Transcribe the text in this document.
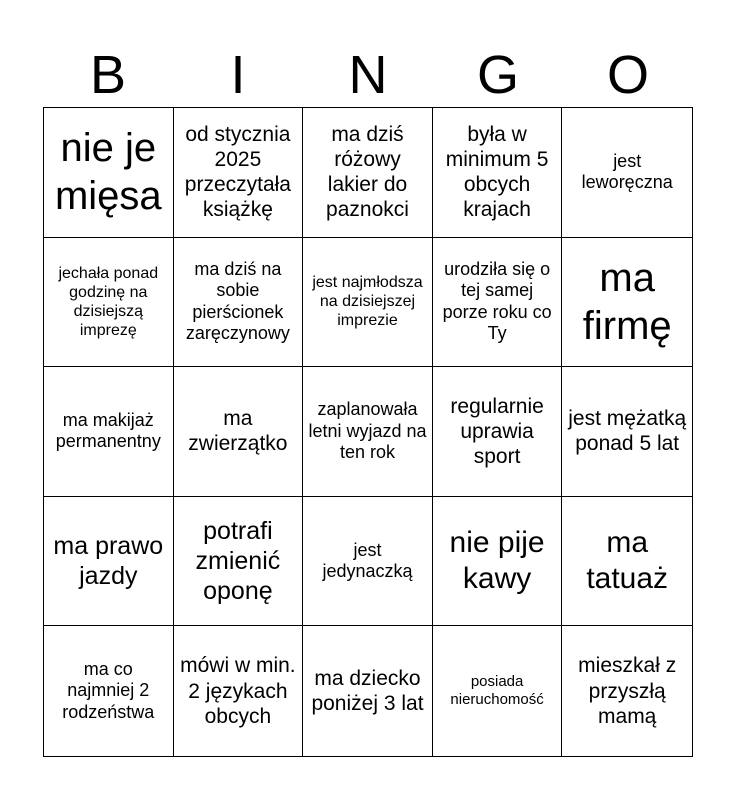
B	I	N	G	O
nie je mięsa
od stycznia 2025 przeczytała książkę
ma dziś różowy lakier do paznokci
była w minimum 5 obcych krajach
jest leworęczna
jechała ponad godzinę na dzisiejszą imprezę
ma dziś na sobie pierścionek zaręczynowy
jest najmłodsza na dzisiejszej imprezie
urodziła się o tej samej porze roku co Ty
ma firmę
ma makijaż permanentny
ma zwierzątko
zaplanowała letni wyjazd na ten rok
regularnie uprawia sport
jest mężatką ponad 5 lat
ma prawo jazdy
potrafi zmienić oponę
jest jedynaczką
nie pije kawy
ma tatuaż
ma co najmniej 2 rodzeństwa
mówi w min. 2 językach obcych
ma dziecko poniżej 3 lat
posiada nieruchomość
mieszkał z przyszłą mamą
